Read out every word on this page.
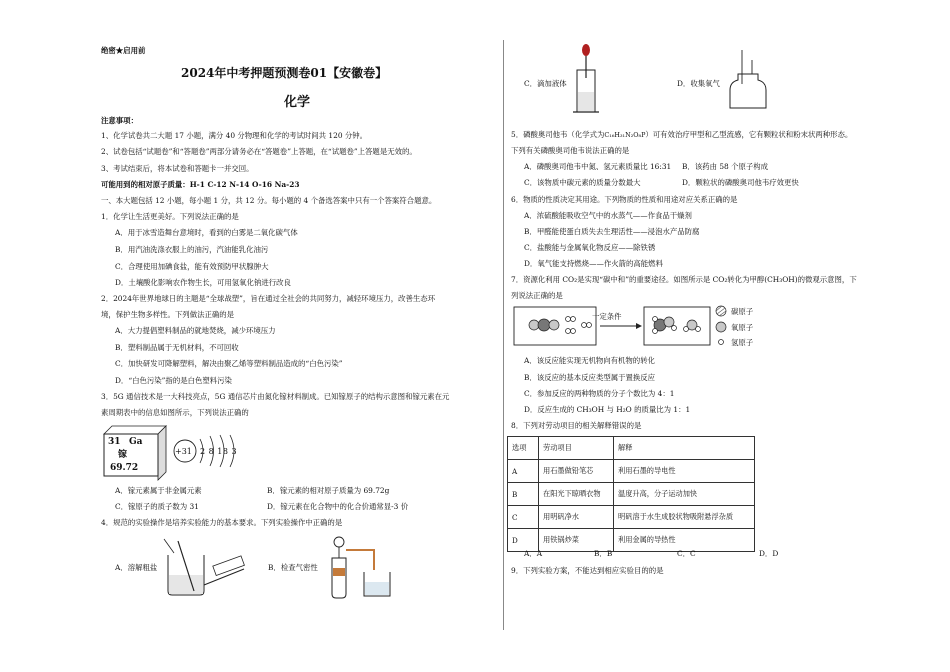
绝密★启用前
2024年中考押题预测卷01【安徽卷】
化学
注意事项：
1、化学试卷共二大题 17 小题，满分 40 分物理和化学的考试时间共 120 分钟。
2、试卷包括“试题卷”和“答题卷”两部分请务必在“答题卷”上答题，在“试题卷”上答题是无效的。
3、考试结束后，将本试卷和答题卡一并交回。
可能用到的相对原子质量：H-1 C-12 N-14 O-16 Na-23
一、本大题包括 12 小题，每小题 1 分，共 12 分。每小题的 4 个备选答案中只有一个答案符合题意。
1．化学让生活更美好。下列说法正确的是
A．用于冰雪造舞台意境时，看到的白雾是二氧化碳气体
B．用汽油洗涤衣服上的油污，汽油能乳化油污
C．合理使用加碘食盐，能有效预防甲状腺肿大
D．土壤酸化影响农作物生长，可用氢氧化钠进行改良
2．2024年世界地球日的主题是“全球战塑”，旨在通过全社会的共同努力，减轻环境压力，改善生态环
境，保护生物多样性。下列做法正确的是
A．大力提倡塑料制品的就地焚烧，减少环境压力
B．塑料制品属于无机材料，不可回收
C．加快研发可降解塑料，解决由聚乙烯等塑料制品造成的“白色污染”
D．“白色污染”指的是白色塑料污染
3．5G 通信技术是一大科技亮点，5G 通信芯片由氮化镓材料制成。已知镓原子的结构示意图和镓元素在元
素周期表中的信息如图所示，下列说法正确的
31 Ga
镓
69.72
+31 2 8 18 3
A．镓元素属于非金属元素	B．镓元素的相对原子质量为 69.72g
C．镓原子的质子数为 31	D．镓元素在化合物中的化合价通常显-3 价
4．规范的实验操作是培养实验能力的基本要求。下列实验操作中正确的是
A．溶解粗盐	B．检查气密性
C．滴加液体	D．收集氧气
5．磷酸奥司他韦（化学式为C₁₆H₃₁N₂O₈P）可有效治疗甲型和乙型流感，它有颗粒状和粉末状两种形态。
下列有关磷酸奥司他韦说法正确的是
A．磷酸奥司他韦中氮、氢元素质量比 16:31 B．该药由 58 个原子构成
C．该物质中碳元素的质量分数最大	D．颗粒状的磷酸奥司他韦疗效更快
6．物质的性质决定其用途。下列物质的性质和用途对应关系正确的是
A．浓硫酸能吸收空气中的水蒸气——作食品干燥剂
B．甲醛能使蛋白质失去生理活性——浸泡水产品防腐
C．盐酸能与金属氧化物反应——除铁锈
D．氧气能支持燃烧——作火箭的高能燃料
7．资源化利用 CO₂是实现“碳中和”的重要途径。如图所示是 CO₂转化为甲醇(CH₃OH)的微观示意图，下
列说法正确的是
一定条件
碳原子
氧原子
氢原子
A．该反应能实现无机物向有机物的转化
B．该反应的基本反应类型属于置换反应
C．参加反应的两种物质的分子个数比为 4：1
D．反应生成的 CH₃OH 与 H₂O 的质量比为 1：1
8．下列对劳动项目的相关解释错误的是
选项	劳动项目	解释
A	用石墨做铅笔芯	利用石墨的导电性
B	在阳光下晾晒衣物	温度升高，分子运动加快
C	用明矾净水	明矾溶于水生成胶状物吸附悬浮杂质
D	用铁锅炒菜	利用金属的导热性
A．A	B．B	C．C	D．D
9．下列实验方案，不能达到相应实验目的的是
